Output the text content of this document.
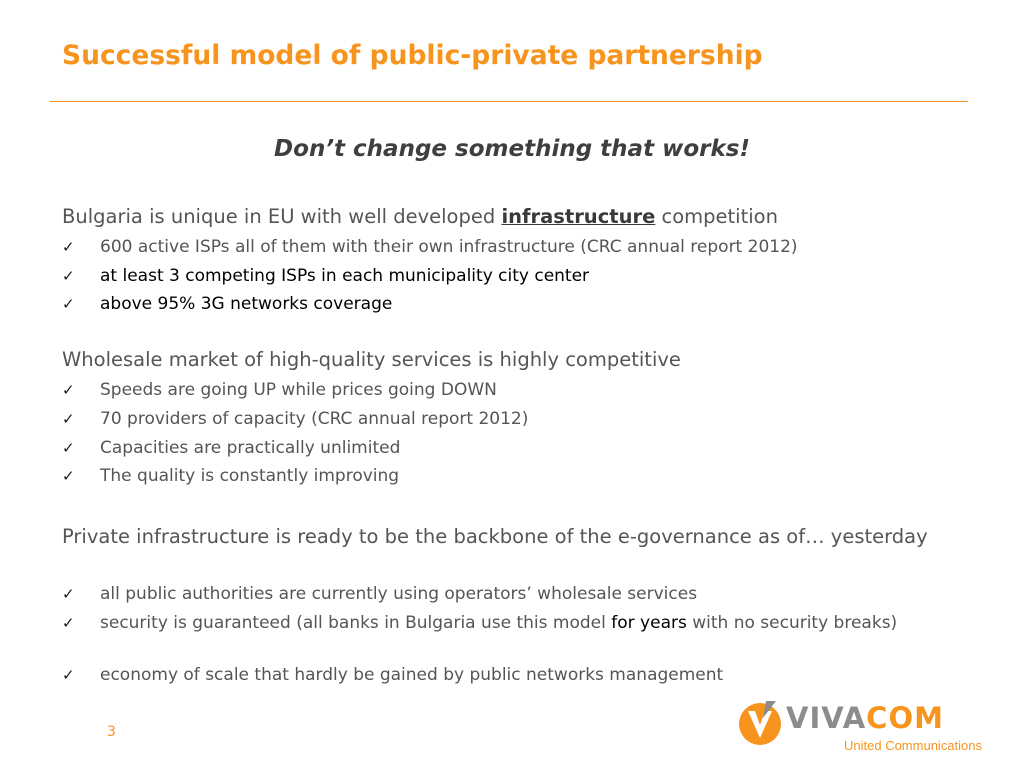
Successful model of public-private partnership

Don’t change something that works!

Bulgaria is unique in EU with well developed infrastructure competition

✓	600 active ISPs all of them with their own infrastructure (CRC annual report 2012)

✓	at least 3 competing ISPs in each municipality city center

✓	above 95% 3G networks coverage

Wholesale market of high-quality services is highly competitive

✓	Speeds are going UP while prices going DOWN

✓	70 providers of capacity (CRC annual report 2012)

✓	Capacities are practically unlimited

✓	The quality is constantly improving

Private infrastructure is ready to be the backbone of the e-governance as of… yesterday

✓	all public authorities are currently using operators’ wholesale services

✓	security is guaranteed (all banks in Bulgaria use this model for years with no security breaks)

✓	economy of scale that hardly be gained by public networks management

3	VIVACOM
United Communications
